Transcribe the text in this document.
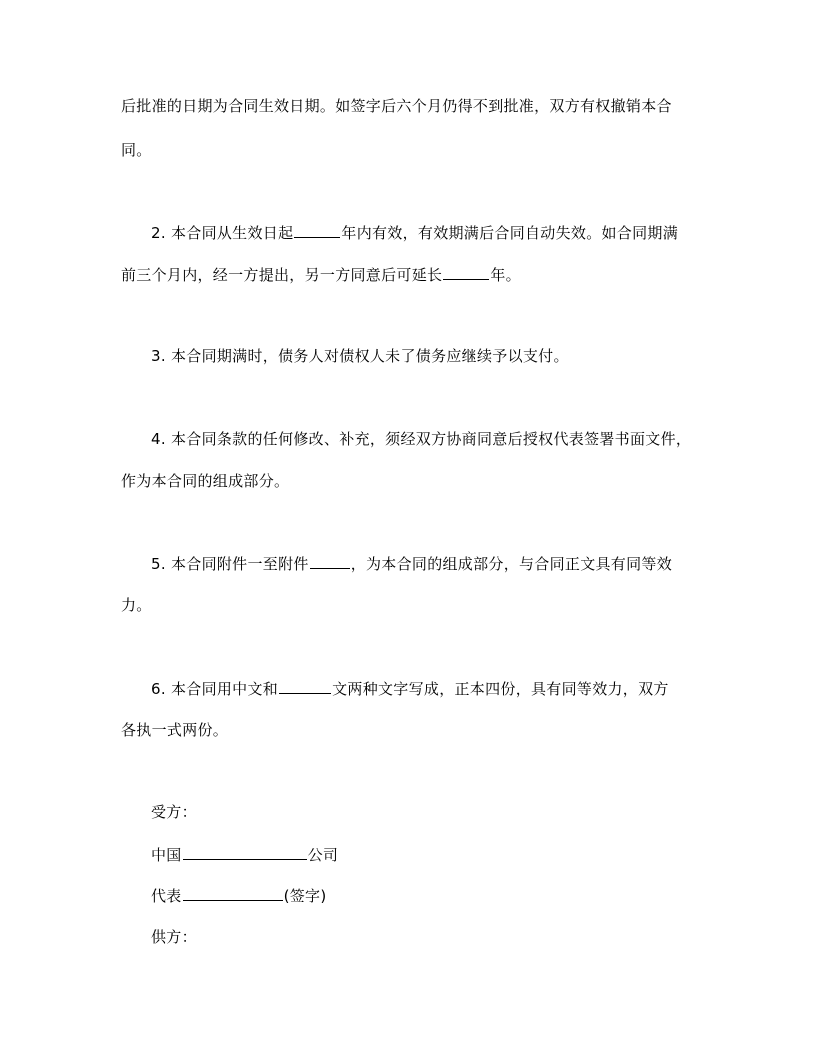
后批准的日期为合同生效日期。如签字后六个月仍得不到批准，双方有权撤销本合
同。
2. 本合同从生效日起	年内有效，有效期满后合同自动失效。如合同期满
前三个月内，经一方提出，另一方同意后可延长	年。
3. 本合同期满时，债务人对债权人未了债务应继续予以支付。
4. 本合同条款的任何修改、补充，须经双方协商同意后授权代表签署书面文件，
作为本合同的组成部分。
5. 本合同附件一至附件	，为本合同的组成部分，与合同正文具有同等效
力。
6. 本合同用中文和	文两种文字写成，正本四份，具有同等效力，双方
各执一式两份。
受方：
中国	公司
代表	(签字)
供方：
